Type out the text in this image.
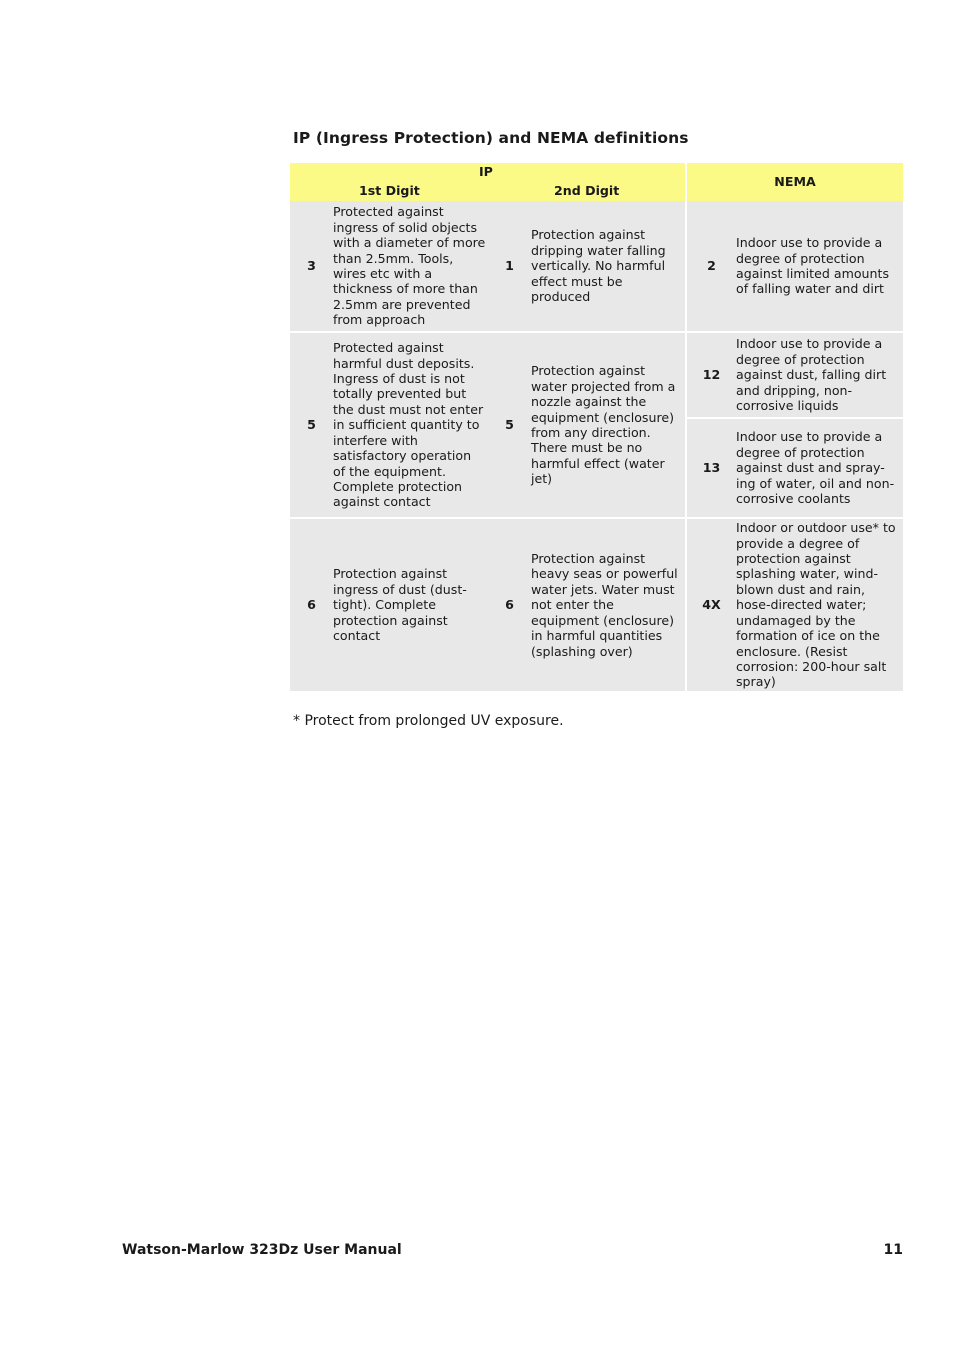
IP (Ingress Protection) and NEMA definitions
IP
1st Digit 2nd Digit				NEMA	
3	Protected against ingress of solid objects with a diameter of more than 2.5mm. Tools, wires etc with a thickness of more than 2.5mm are prevented from approach	1	Protection against dripping water falling vertically. No harmful effect must be produced	2	Indoor use to provide a degree of protection against limited amounts of falling water and dirt
5	Protected against harmful dust deposits. Ingress of dust is not totally prevented but the dust must not enter in sufficient quantity to interfere with satisfactory operation of the equipment. Complete protection against contact	5	Protection against water projected from a nozzle against the equipment (enclosure) from any direction. There must be no harmful effect (water jet)	12	Indoor use to provide a degree of protection against dust, falling dirt and dripping, non-corrosive liquids
				13	Indoor use to provide a degree of protection against dust and spray-ing of water, oil and non-corrosive coolants
6	Protection against ingress of dust (dust-tight). Complete protection against contact	6	Protection against heavy seas or powerful water jets. Water must not enter the equipment (enclosure) in harmful quantities (splashing over)	4X	Indoor or outdoor use* to provide a degree of protection against splashing water, wind-blown dust and rain, hose-directed water; undamaged by the formation of ice on the enclosure. (Resist corrosion: 200-hour salt spray)
* Protect from prolonged UV exposure.
Watson-Marlow 323Dz User Manual	11
